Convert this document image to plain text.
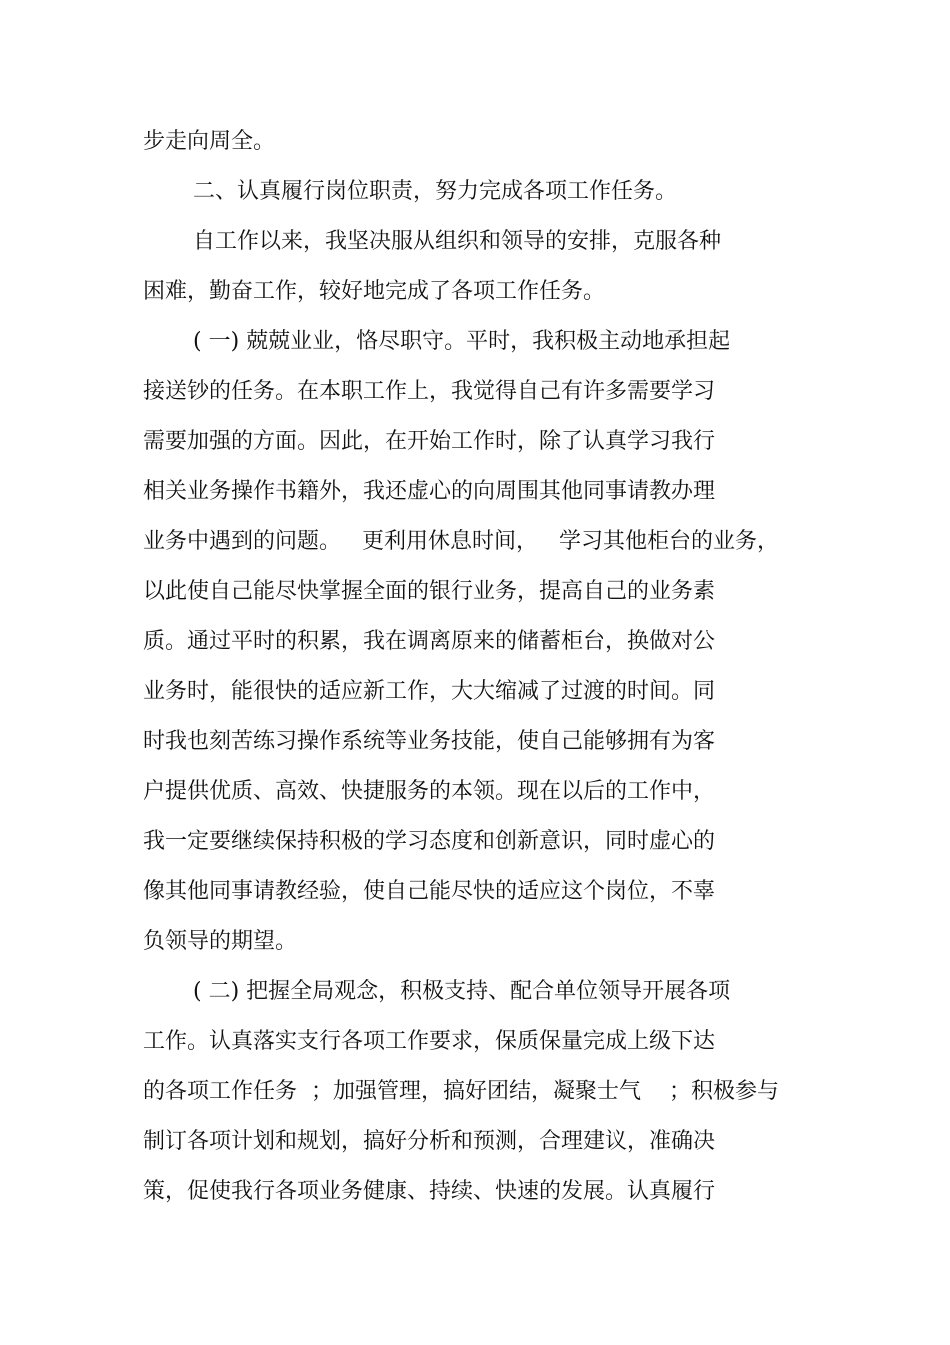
步走向周全。
二、认真履行岗位职责，努力完成各项工作任务。
自工作以来，我坚决服从组织和领导的安排，克服各种
困难，勤奋工作，较好地完成了各项工作任务。
( 一) 兢兢业业，恪尽职守。平时，我积极主动地承担起
接送钞的任务。在本职工作上，我觉得自己有许多需要学习
需要加强的方面。因此，在开始工作时，除了认真学习我行
相关业务操作书籍外，我还虚心的向周围其他同事请教办理
业务中遇到的问题。   更利用休息时间，   学习其他柜台的业务，
以此使自己能尽快掌握全面的银行业务，提高自己的业务素
质。通过平时的积累，我在调离原来的储蓄柜台，换做对公
业务时，能很快的适应新工作，大大缩减了过渡的时间。同
时我也刻苦练习操作系统等业务技能，使自己能够拥有为客
户提供优质、高效、快捷服务的本领。现在以后的工作中，
我一定要继续保持积极的学习态度和创新意识，同时虚心的
像其他同事请教经验，使自己能尽快的适应这个岗位，不辜
负领导的期望。
( 二) 把握全局观念，积极支持、配合单位领导开展各项
工作。认真落实支行各项工作要求，保质保量完成上级下达
的各项工作任务  ；加强管理，搞好团结，凝聚士气    ；积极参与
制订各项计划和规划，搞好分析和预测，合理建议，准确决
策，促使我行各项业务健康、持续、快速的发展。认真履行
